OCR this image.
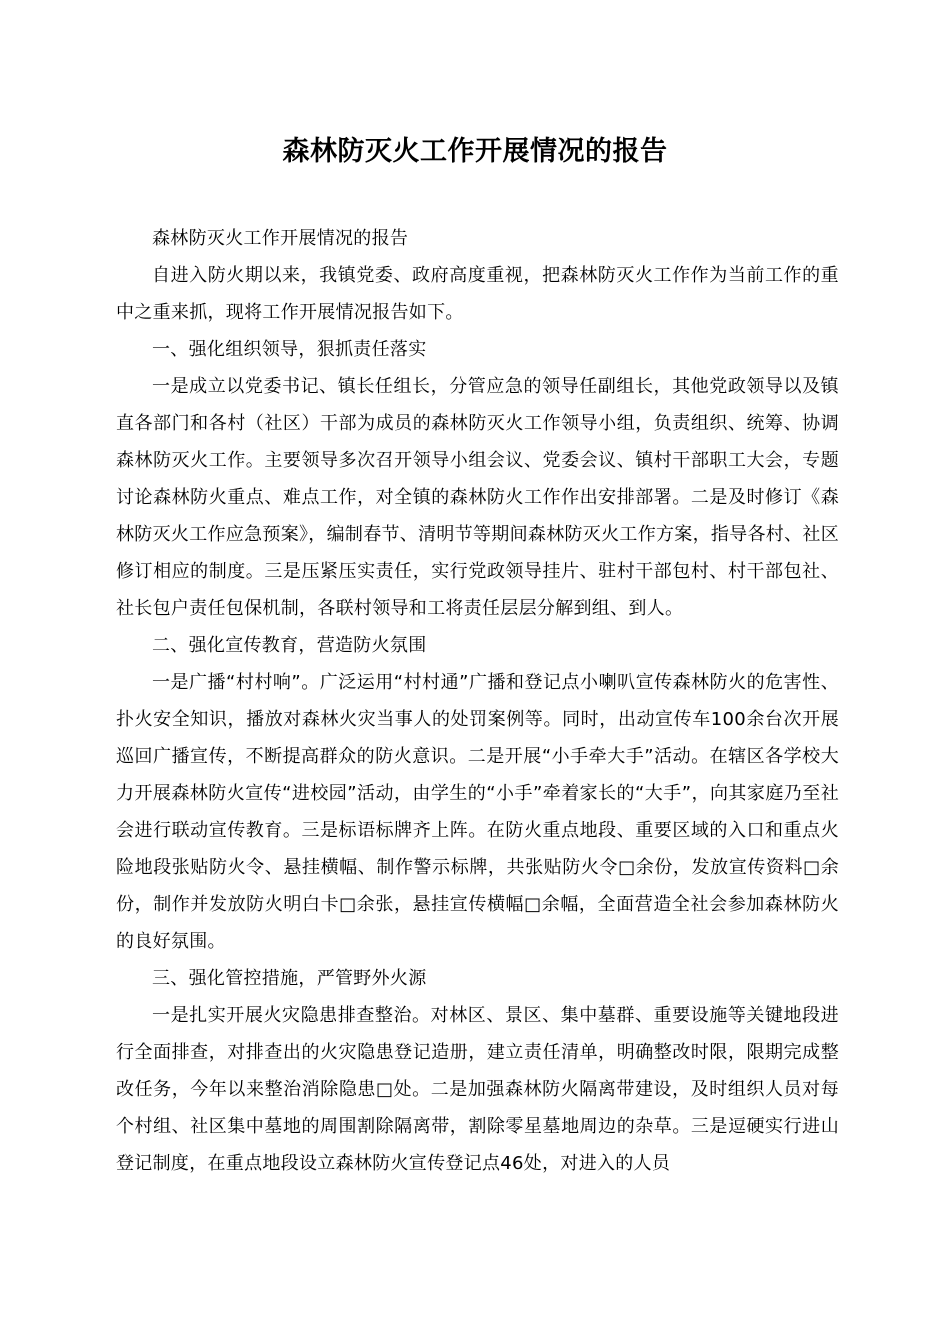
森林防灭火工作开展情况的报告

森林防灭火工作开展情况的报告

自进入防火期以来，我镇党委、政府高度重视，把森林防灭火工作作为当前工作的重中之重来抓，现将工作开展情况报告如下。

一、强化组织领导，狠抓责任落实

一是成立以党委书记、镇长任组长，分管应急的领导任副组长，其他党政领导以及镇直各部门和各村（社区）干部为成员的森林防灭火工作领导小组，负责组织、统筹、协调森林防灭火工作。主要领导多次召开领导小组会议、党委会议、镇村干部职工大会，专题讨论森林防火重点、难点工作，对全镇的森林防火工作作出安排部署。二是及时修订《森林防灭火工作应急预案》，编制春节、清明节等期间森林防灭火工作方案，指导各村、社区修订相应的制度。三是压紧压实责任，实行党政领导挂片、驻村干部包村、村干部包社、社长包户责任包保机制，各联村领导和工将责任层层分解到组、到人。

二、强化宣传教育，营造防火氛围

一是广播“村村响”。广泛运用“村村通”广播和登记点小喇叭宣传森林防火的危害性、扑火安全知识，播放对森林火灾当事人的处罚案例等。同时，出动宣传车100余台次开展巡回广播宣传，不断提高群众的防火意识。二是开展“小手牵大手”活动。在辖区各学校大力开展森林防火宣传“进校园”活动，由学生的“小手”牵着家长的“大手”，向其家庭乃至社会进行联动宣传教育。三是标语标牌齐上阵。在防火重点地段、重要区域的入口和重点火险地段张贴防火令、悬挂横幅、制作警示标牌，共张贴防火令□余份，发放宣传资料□余份，制作并发放防火明白卡□余张，悬挂宣传横幅□余幅，全面营造全社会参加森林防火的良好氛围。

三、强化管控措施，严管野外火源

一是扎实开展火灾隐患排查整治。对林区、景区、集中墓群、重要设施等关键地段进行全面排查，对排查出的火灾隐患登记造册，建立责任清单，明确整改时限，限期完成整改任务，今年以来整治消除隐患□处。二是加强森林防火隔离带建设，及时组织人员对每个村组、社区集中墓地的周围割除隔离带，割除零星墓地周边的杂草。三是逗硬实行进山登记制度，在重点地段设立森林防火宣传登记点46处，对进入的人员
